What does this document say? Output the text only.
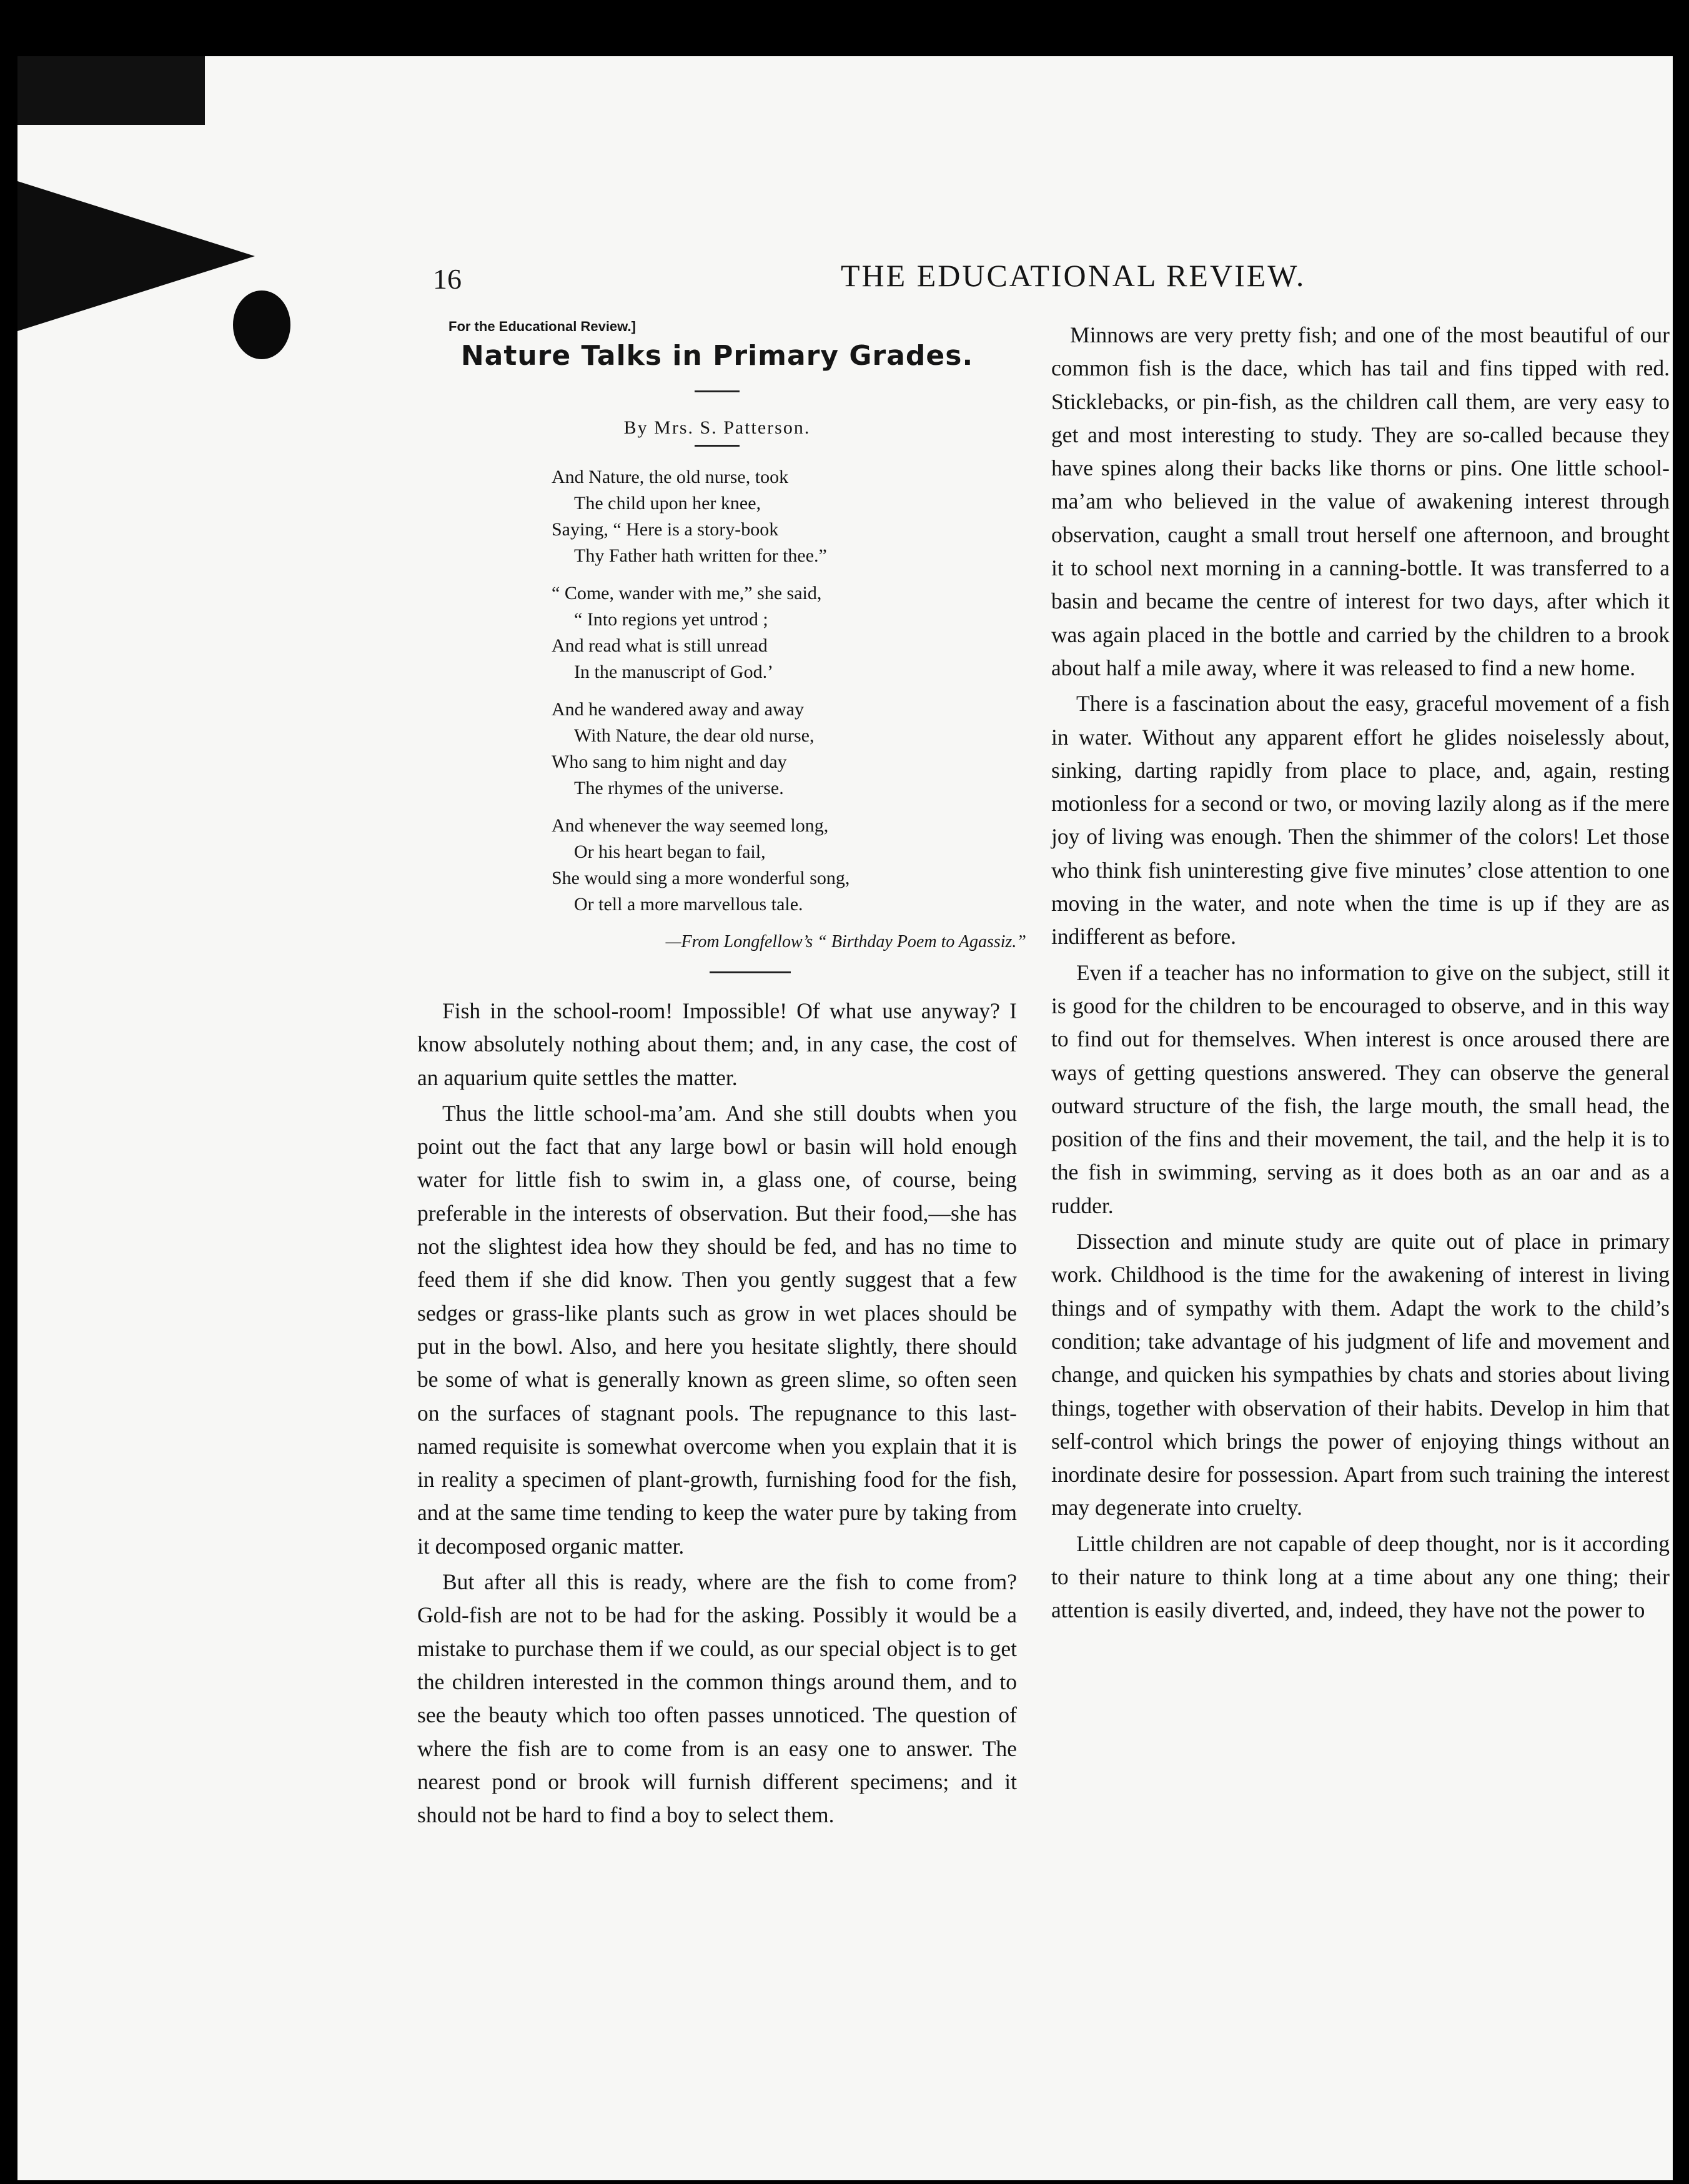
16	THE EDUCATIONAL REVIEW.
For the Educational Review.]
Nature Talks in Primary Grades.
By Mrs. S. Patterson.
And Nature, the old nurse, took
The child upon her knee,
Saying, “ Here is a story-book
Thy Father hath written for thee.”
“ Come, wander with me,” she said,
“ Into regions yet untrod ;
And read what is still unread
In the manuscript of God.’
And he wandered away and away
With Nature, the dear old nurse,
Who sang to him night and day
The rhymes of the universe.
And whenever the way seemed long,
Or his heart began to fail,
She would sing a more wonderful song,
Or tell a more marvellous tale.
—From Longfellow’s “ Birthday Poem to Agassiz.”

Fish in the school-room! Impossible! Of what use anyway? I know absolutely nothing about them; and, in any case, the cost of an aquarium quite settles the matter.

Thus the little school-ma’am. And she still doubts when you point out the fact that any large bowl or basin will hold enough water for little fish to swim in, a glass one, of course, being preferable in the interests of observation. But their food,—she has not the slightest idea how they should be fed, and has no time to feed them if she did know. Then you gently suggest that a few sedges or grass-like plants such as grow in wet places should be put in the bowl. Also, and here you hesitate slightly, there should be some of what is generally known as green slime, so often seen on the surfaces of stagnant pools. The repugnance to this last-named requisite is somewhat overcome when you explain that it is in reality a specimen of plant-growth, furnishing food for the fish, and at the same time tending to keep the water pure by taking from it decomposed organic matter.

But after all this is ready, where are the fish to come from? Gold-fish are not to be had for the asking. Possibly it would be a mistake to purchase them if we could, as our special object is to get the children interested in the common things around them, and to see the beauty which too often passes unnoticed. The question of where the fish are to come from is an easy one to answer. The nearest pond or brook will furnish different specimens; and it should not be hard to find a boy to select them.

Minnows are very pretty fish; and one of the most beautiful of our common fish is the dace, which has tail and fins tipped with red. Sticklebacks, or pin-fish, as the children call them, are very easy to get and most interesting to study. They are so-called because they have spines along their backs like thorns or pins. One little school-ma’am who believed in the value of awakening interest through observation, caught a small trout herself one afternoon, and brought it to school next morning in a canning-bottle. It was transferred to a basin and became the centre of interest for two days, after which it was again placed in the bottle and carried by the children to a brook about half a mile away, where it was released to find a new home.

There is a fascination about the easy, graceful movement of a fish in water. Without any apparent effort he glides noiselessly about, sinking, darting rapidly from place to place, and, again, resting motionless for a second or two, or moving lazily along as if the mere joy of living was enough. Then the shimmer of the colors! Let those who think fish uninteresting give five minutes’ close attention to one moving in the water, and note when the time is up if they are as indifferent as before.

Even if a teacher has no information to give on the subject, still it is good for the children to be encouraged to observe, and in this way to find out for themselves. When interest is once aroused there are ways of getting questions answered. They can observe the general outward structure of the fish, the large mouth, the small head, the position of the fins and their movement, the tail, and the help it is to the fish in swimming, serving as it does both as an oar and as a rudder.

Dissection and minute study are quite out of place in primary work. Childhood is the time for the awakening of interest in living things and of sympathy with them. Adapt the work to the child’s condition; take advantage of his judgment of life and movement and change, and quicken his sympathies by chats and stories about living things, together with observation of their habits. Develop in him that self-control which brings the power of enjoying things without an inordinate desire for possession. Apart from such training the interest may degenerate into cruelty.

Little children are not capable of deep thought, nor is it according to their nature to think long at a time about any one thing; their attention is easily diverted, and, indeed, they have not the power to
